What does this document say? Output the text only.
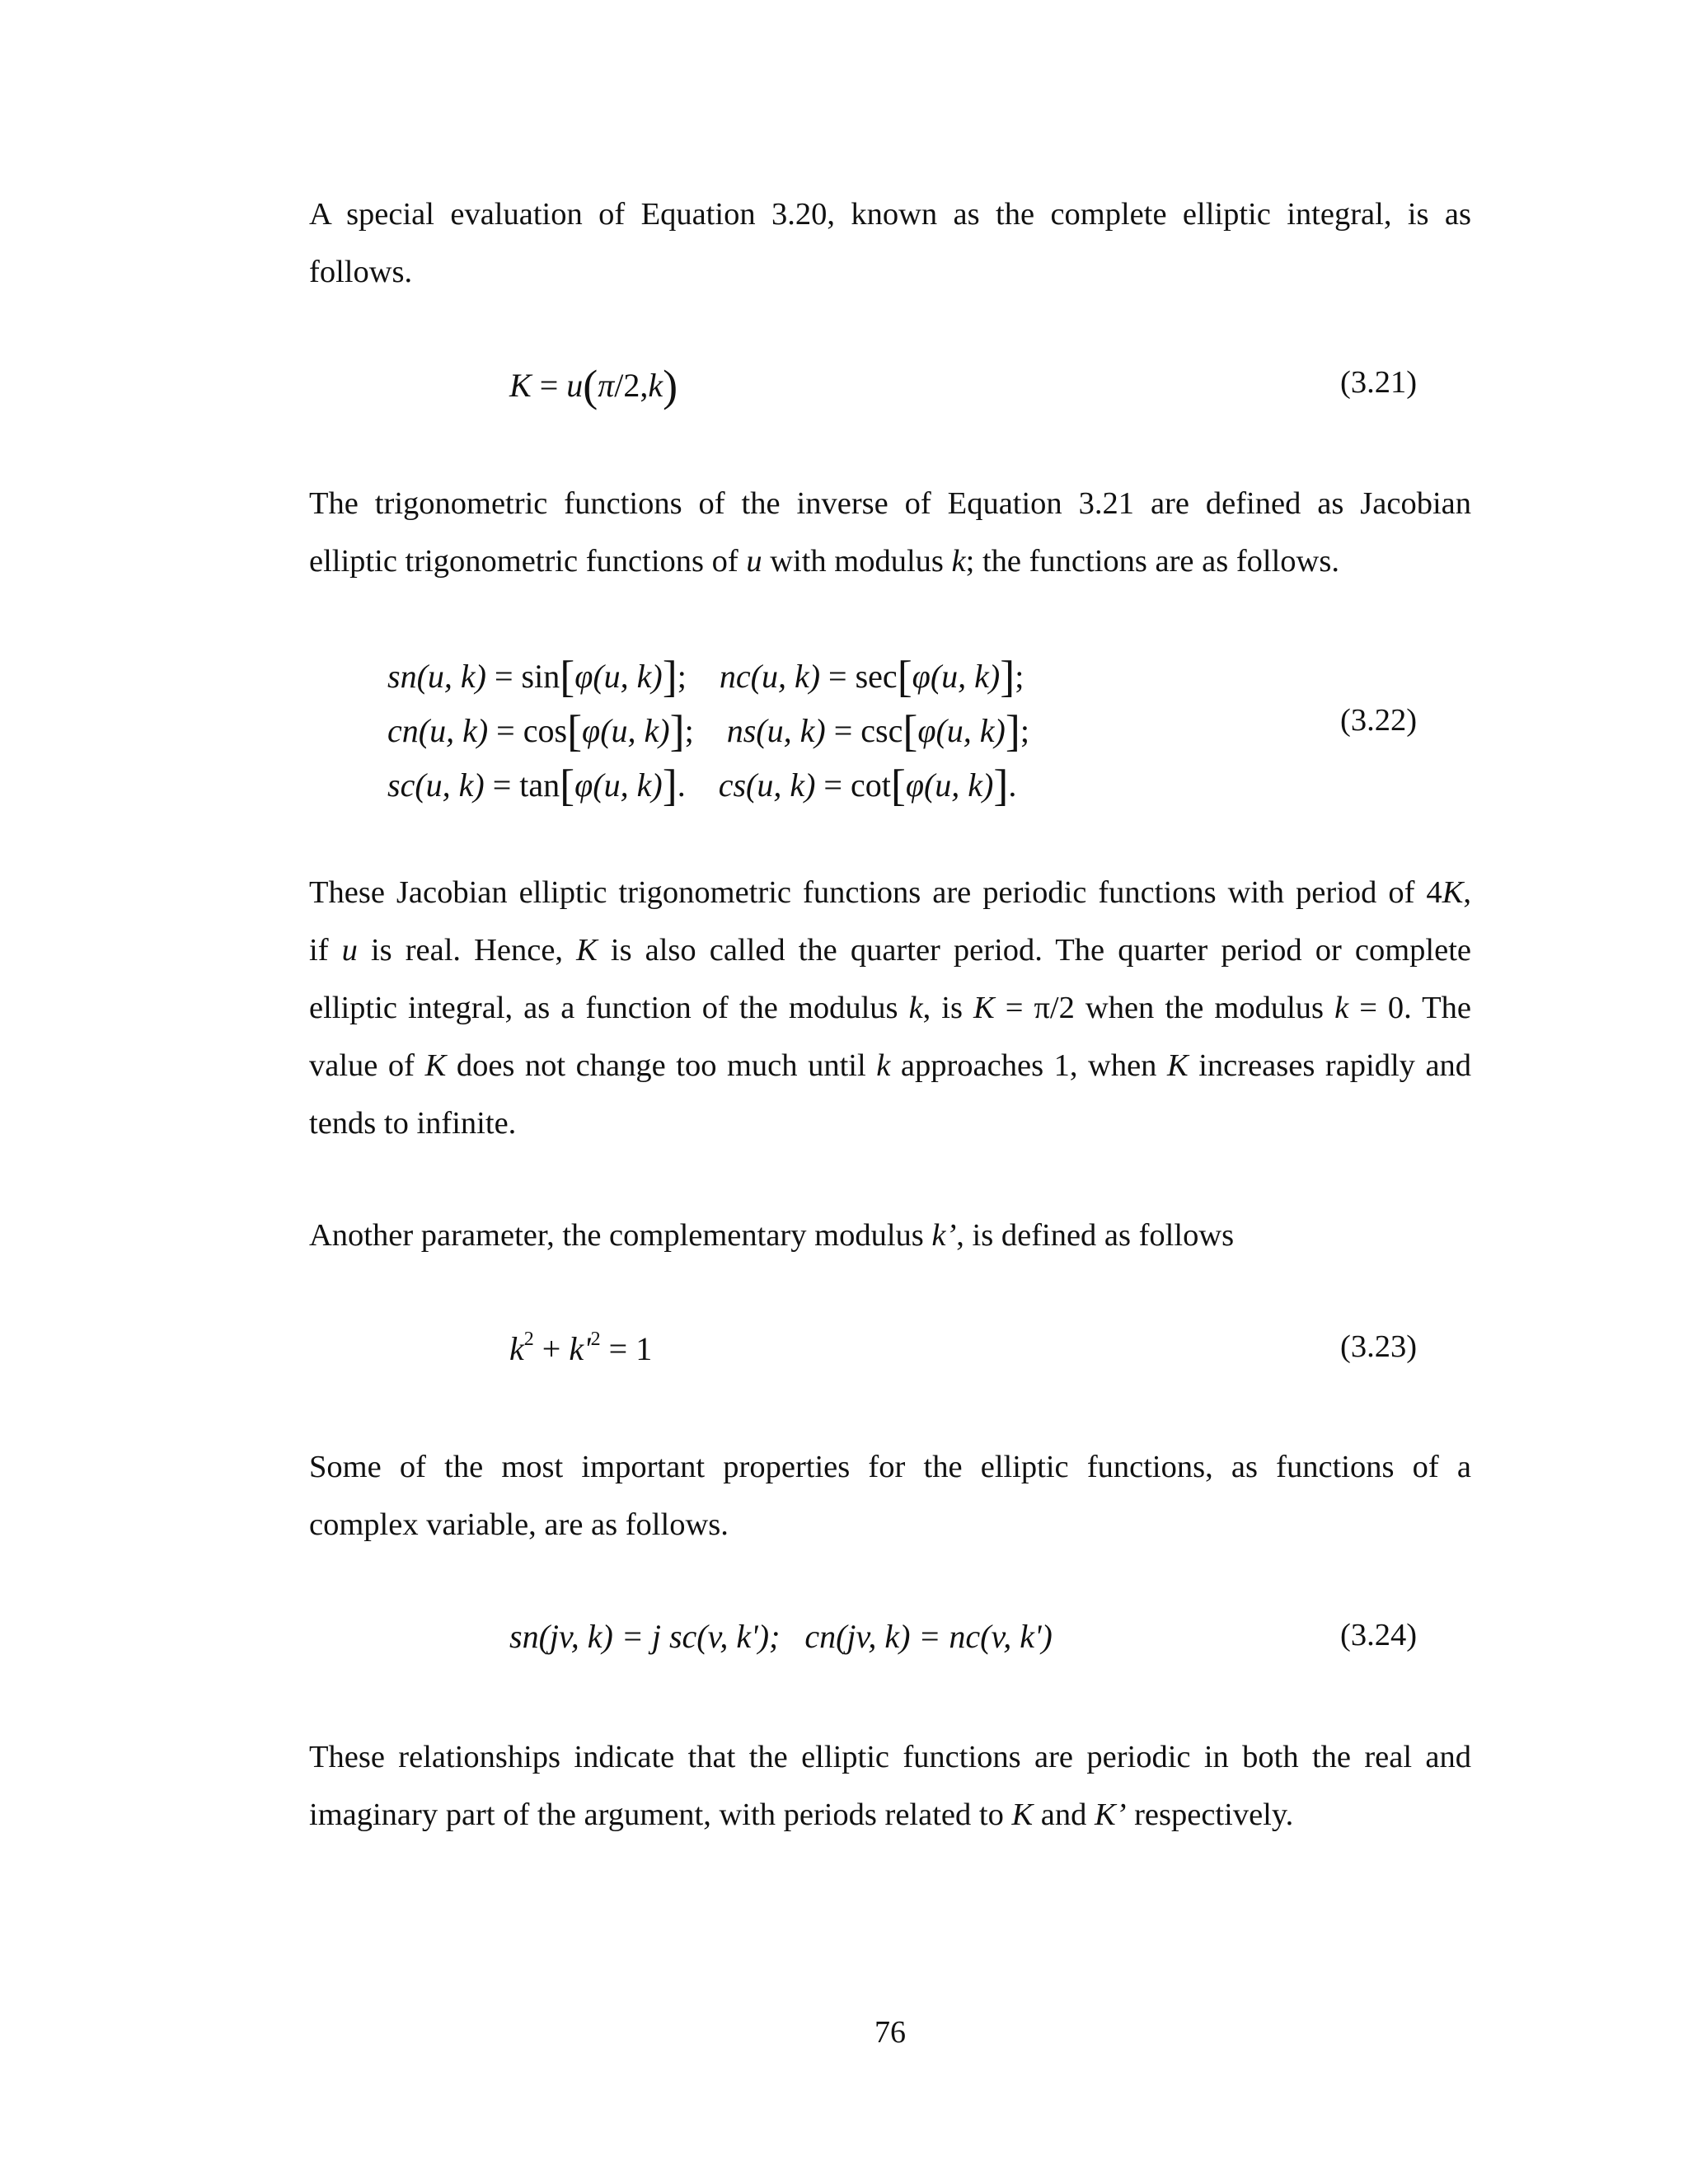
A special evaluation of Equation 3.20, known as the complete elliptic integral, is as
follows.
K = u(π/2,k)	(3.21)
The trigonometric functions of the inverse of Equation 3.21 are defined as Jacobian
elliptic trigonometric functions of u with modulus k; the functions are as follows.
sn(u, k) = sin[φ(u, k)]; nc(u, k) = sec[φ(u, k)];
cn(u, k) = cos[φ(u, k)]; ns(u, k) = csc[φ(u, k)];
sc(u, k) = tan[φ(u, k)]. cs(u, k) = cot[φ(u, k)].
(3.22)
These Jacobian elliptic trigonometric functions are periodic functions with period of 4K,
if u is real. Hence, K is also called the quarter period. The quarter period or complete
elliptic integral, as a function of the modulus k, is K = π/2 when the modulus k = 0. The
value of K does not change too much until k approaches 1, when K increases rapidly and
tends to infinite.
Another parameter, the complementary modulus k’, is defined as follows
$k^2 + k'^2 = 1$	(3.23)
Some of the most important properties for the elliptic functions, as functions of a
complex variable, are as follows.
sn(jv, k) = j sc(v, k'); cn(jv, k) = nc(v, k')	(3.24)
These relationships indicate that the elliptic functions are periodic in both the real and
imaginary part of the argument, with periods related to K and K’ respectively.
76
